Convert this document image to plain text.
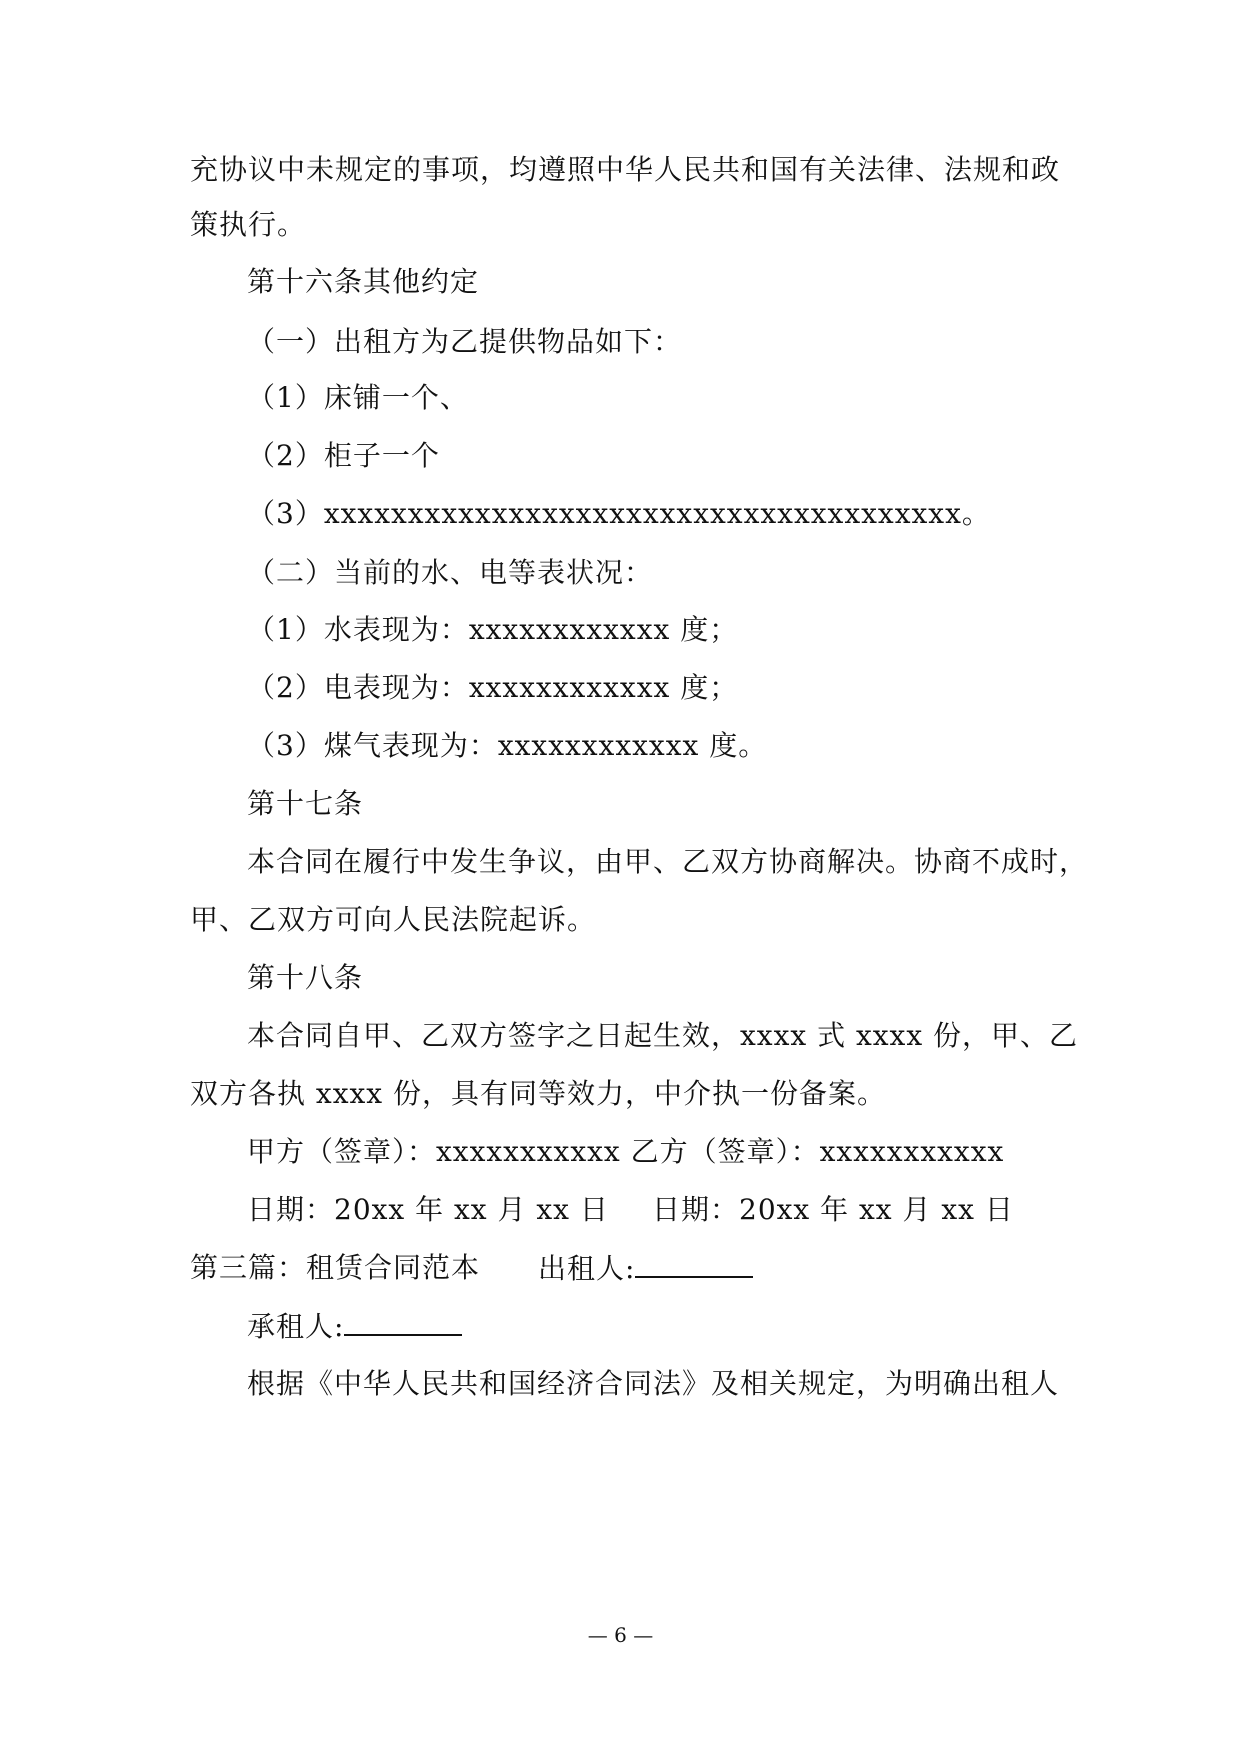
充协议中未规定的事项，均遵照中华人民共和国有关法律、法规和政
策执行。
第十六条其他约定
（一）出租方为乙提供物品如下：
（1）床铺一个、
（2）柜子一个
（3）xxxxxxxxxxxxxxxxxxxxxxxxxxxxxxxxxxxxxx。
（二）当前的水、电等表状况：
（1）水表现为：xxxxxxxxxxxx 度；
（2）电表现为：xxxxxxxxxxxx 度；
（3）煤气表现为：xxxxxxxxxxxx 度。
第十七条
本合同在履行中发生争议，由甲、乙双方协商解决。协商不成时，
甲、乙双方可向人民法院起诉。
第十八条
本合同自甲、乙双方签字之日起生效，xxxx 式 xxxx 份，甲、乙
双方各执 xxxx 份，具有同等效力，中介执一份备案。
甲方（签章）：xxxxxxxxxxx 乙方（签章）：xxxxxxxxxxx
日期：20xx 年 xx 月 xx 日 日期：20xx 年 xx 月 xx 日
第三篇：租赁合同范本 出租人:
承租人:
根据《中华人民共和国经济合同法》及相关规定，为明确出租人
— 6 —
